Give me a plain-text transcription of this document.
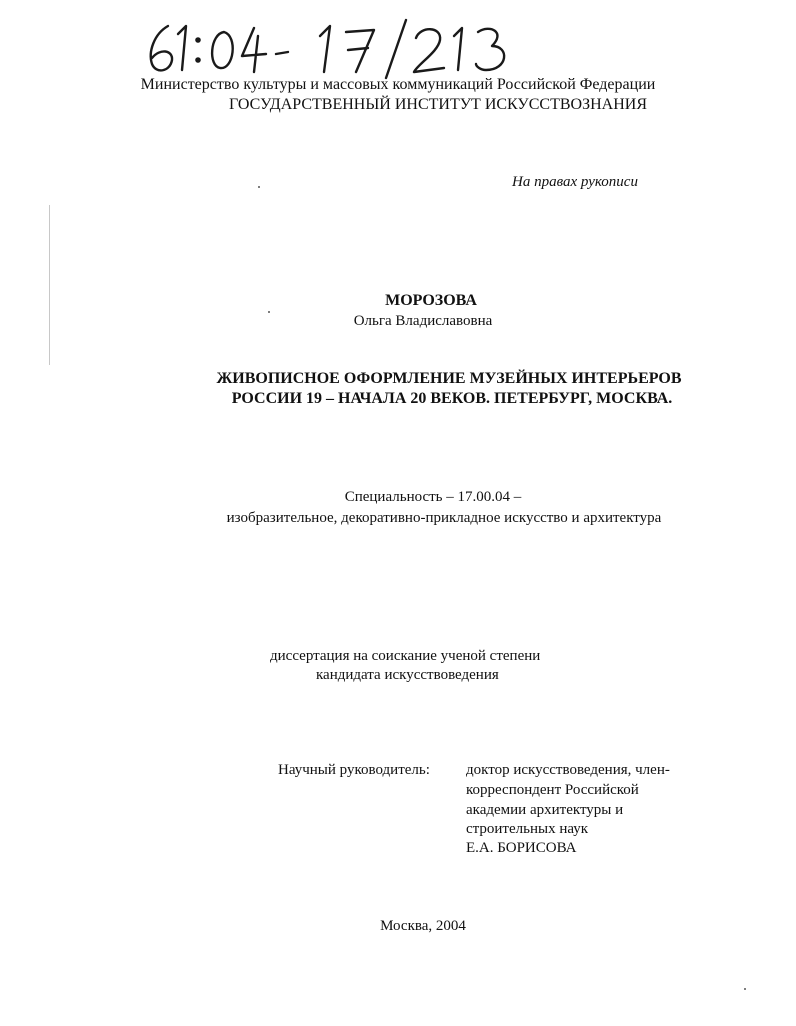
Министерство культуры и массовых коммуникаций Российской Федерации
ГОСУДАРСТВЕННЫЙ ИНСТИТУТ ИСКУССТВОЗНАНИЯ
На правах рукописи
МОРОЗОВА
Ольга Владиславовна
ЖИВОПИСНОЕ ОФОРМЛЕНИЕ МУЗЕЙНЫХ ИНТЕРЬЕРОВ
РОССИИ 19 – НАЧАЛА 20 ВЕКОВ. ПЕТЕРБУРГ, МОСКВА.
Специальность – 17.00.04 –
изобразительное, декоративно-прикладное искусство и архитектура
диссертация на соискание ученой степени
кандидата искусствоведения
Научный руководитель: доктор искусствоведения, член-
корреспондент Российской
академии архитектуры и
строительных наук
Е.А. БОРИСОВА
Москва, 2004
